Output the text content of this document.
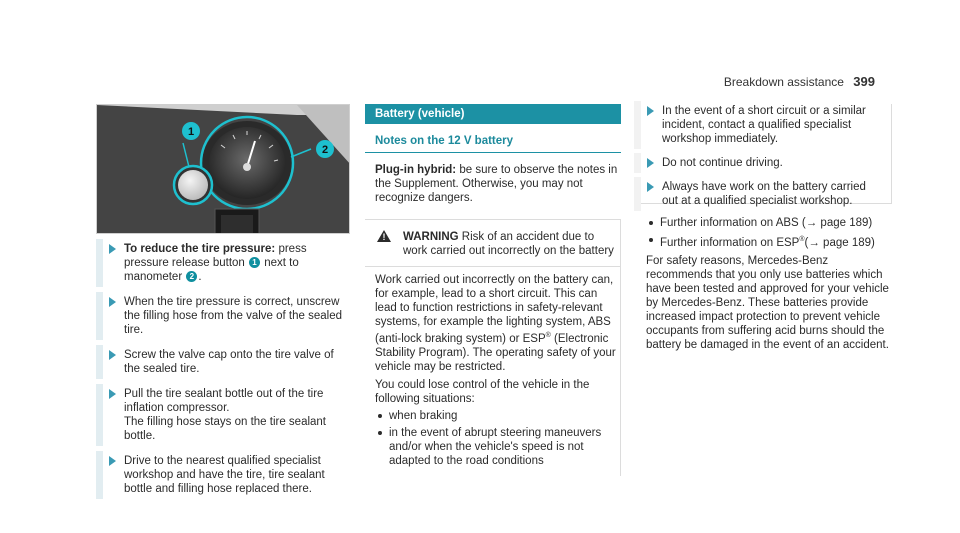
Breakdown assistance 399
1
2
To reduce the tire pressure: press pressure release button 1 next to manometer 2 .
When the tire pressure is correct, unscrew the filling hose from the valve of the sealed tire.
Screw the valve cap onto the tire valve of the sealed tire.
Pull the tire sealant bottle out of the tire inflation compressor.
The filling hose stays on the tire sealant bottle.
Drive to the nearest qualified specialist workshop and have the tire, tire sealant bottle and filling hose replaced there.
Battery (vehicle)
Notes on the 12 V battery
Plug-in hybrid: be sure to observe the notes in the Supplement. Otherwise, you may not recognize dangers.
! WARNING Risk of an accident due to work carried out incorrectly on the battery
Work carried out incorrectly on the battery can, for example, lead to a short circuit. This can lead to function restrictions in safety-relevant systems, for example the lighting system, ABS (anti-lock braking system) or ESP® (Electronic Stability Program). The operating safety of your vehicle may be restricted.
You could lose control of the vehicle in the following situations:
when braking
in the event of abrupt steering maneuvers and/or when the vehicle's speed is not adapted to the road conditions
In the event of a short circuit or a similar incident, contact a qualified specialist workshop immediately.
Do not continue driving.
Always have work on the battery carried out at a qualified specialist workshop.
Further information on ABS (→ page 189)
Further information on ESP®(→ page 189)
For safety reasons, Mercedes-Benz recommends that you only use batteries which have been tested and approved for your vehicle by Mercedes-Benz. These batteries provide increased impact protection to prevent vehicle occupants from suffering acid burns should the battery be damaged in the event of an accident.
